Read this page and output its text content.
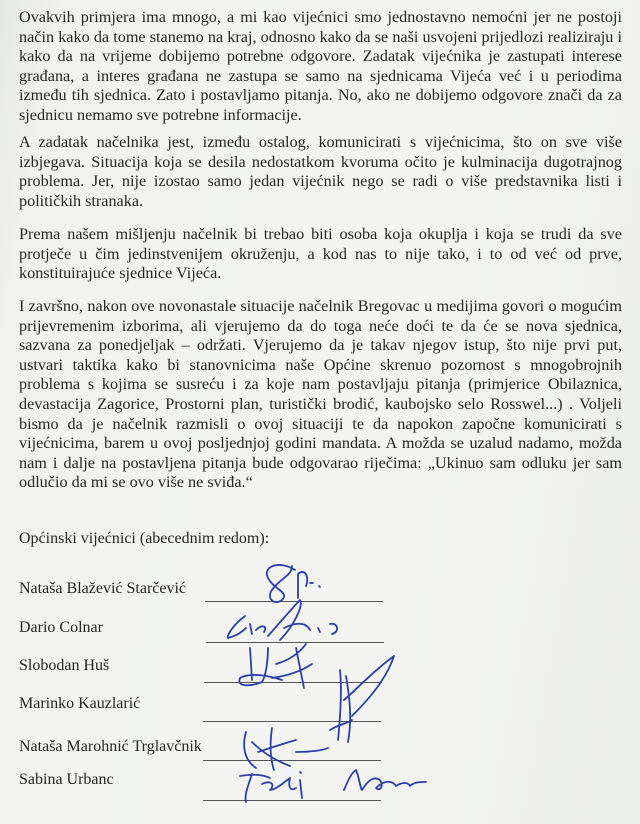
Ovakvih primjera ima mnogo, a mi kao vijećnici smo jednostavno nemoćni jer ne postoji način kako da tome stanemo na kraj, odnosno kako da se naši usvojeni prijedlozi realiziraju i kako da na vrijeme dobijemo potrebne odgovore. Zadatak vijećnika je zastupati interese građana, a interes građana ne zastupa se samo na sjednicama Vijeća već i u periodima između tih sjednica. Zato i postavljamo pitanja. No, ako ne dobijemo odgovore znači da za sjednicu nemamo sve potrebne informacije.

A zadatak načelnika jest, između ostalog, komunicirati s vijećnicima, što on sve više izbjegava. Situacija koja se desila nedostatkom kvoruma očito je kulminacija dugotrajnog problema. Jer, nije izostao samo jedan vijećnik nego se radi o više predstavnika listi i političkih stranaka.

Prema našem mišljenju načelnik bi trebao biti osoba koja okuplja i koja se trudi da sve protječe u čim jedinstvenijem okruženju, a kod nas to nije tako, i to od već od prve, konstituirajuće sjednice Vijeća.

I završno, nakon ove novonastale situacije načelnik Bregovac u medijima govori o mogućim prijevremenim izborima, ali vjerujemo da do toga neće doći te da će se nova sjednica, sazvana za ponedjeljak – održati. Vjerujemo da je takav njegov istup, što nije prvi put, ustvari taktika kako bi stanovnicima naše Općine skrenuo pozornost s mnogobrojnih problema s kojima se susreću i za koje nam postavljaju pitanja (primjerice Obilaznica, devastacija Zagorice, Prostorni plan, turistički brodić, kaubojsko selo Rosswel...) . Voljeli bismo da je načelnik razmisli o ovoj situaciji te da napokon započne komunicirati s vijećnicima, barem u ovoj posljednjoj godini mandata. A možda se uzalud nadamo, možda nam i dalje na postavljena pitanja bude odgovarao riječima: „Ukinuo sam odluku jer sam odlučio da mi se ovo više ne sviđa.“

Općinski vijećnici (abecednim redom):
Nataša Blažević Starčević
Dario Colnar
Slobodan Huš
Marinko Kauzlarić
Nataša Marohnić Trglavčnik
Sabina Urbanc
